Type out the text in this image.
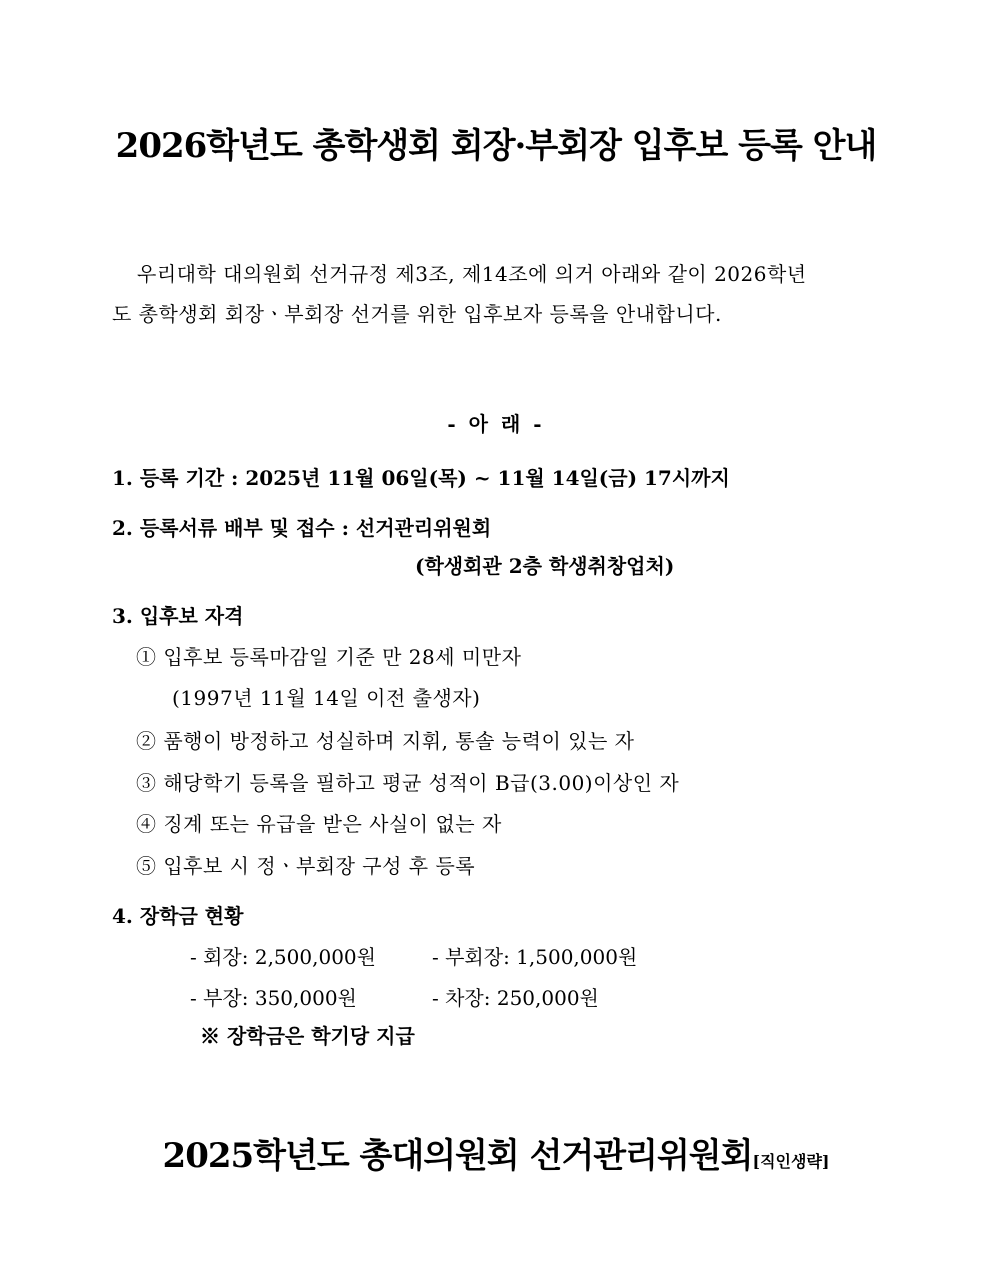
2026학년도 총학생회 회장·부회장 입후보 등록 안내
우리대학 대의원회 선거규정 제3조, 제14조에 의거 아래와 같이 2026학년
도 총학생회 회장ㆍ부회장 선거를 위한 입후보자 등록을 안내합니다.
- 아 래 -
1. 등록 기간 : 2025년 11월 06일(목) ~ 11월 14일(금) 17시까지
2. 등록서류 배부 및 접수 : 선거관리위원회
(학생회관 2층 학생취창업처)
3. 입후보 자격
① 입후보 등록마감일 기준 만 28세 미만자
(1997년 11월 14일 이전 출생자)
② 품행이 방정하고 성실하며 지휘, 통솔 능력이 있는 자
③ 해당학기 등록을 필하고 평균 성적이 B급(3.00)이상인 자
④ 징계 또는 유급을 받은 사실이 없는 자
⑤ 입후보 시 정ㆍ부회장 구성 후 등록
4. 장학금 현황
- 회장: 2,500,000원	- 부회장: 1,500,000원
- 부장: 350,000원	- 차장: 250,000원
※ 장학금은 학기당 지급
2025학년도 총대의원회 선거관리위원회[직인생략]
